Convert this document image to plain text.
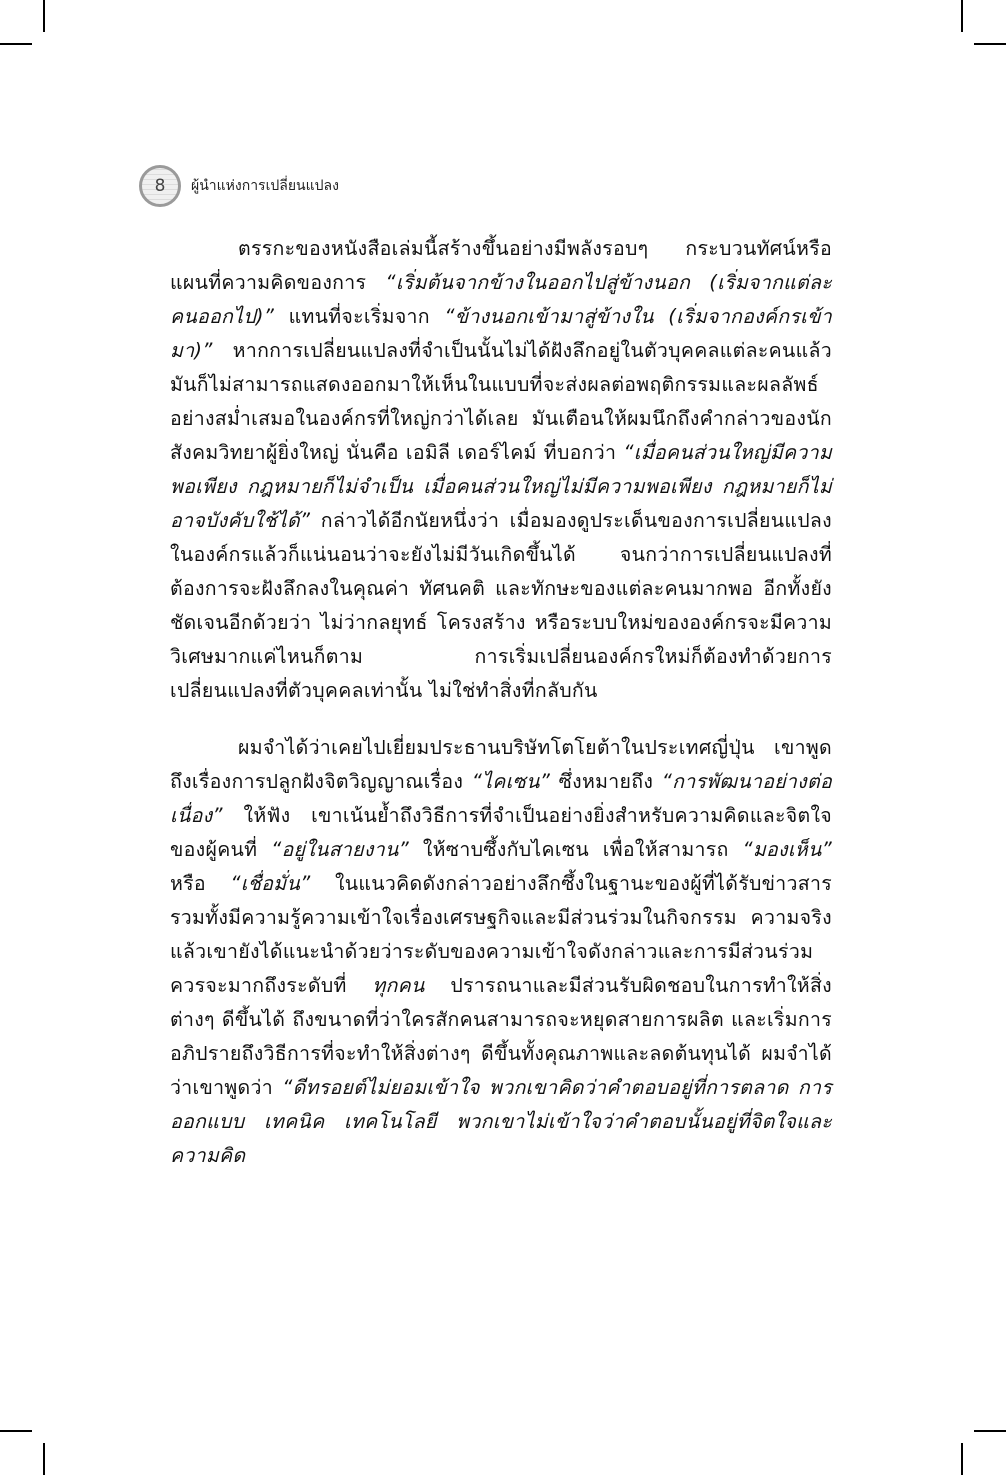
8 ผู้นำแห่งการเปลี่ยนแปลง

ตรรกะของหนังสือเล่มนี้สร้างขึ้นอย่างมีพลังรอบๆ กระบวนทัศน์หรือแผนที่ความคิดของการ “เริ่มต้นจากข้างในออกไปสู่ข้างนอก (เริ่มจากแต่ละคนออกไป)” แทนที่จะเริ่มจาก “ข้างนอกเข้ามาสู่ข้างใน (เริ่มจากองค์กรเข้ามา)” หากการเปลี่ยนแปลงที่จำเป็นนั้นไม่ได้ฝังลึกอยู่ในตัวบุคคลแต่ละคนแล้ว มันก็ไม่สามารถแสดงออกมาให้เห็นในแบบที่จะส่งผลต่อพฤติกรรมและผลลัพธ์อย่างสม่ำเสมอในองค์กรที่ใหญ่กว่าได้เลย มันเตือนให้ผมนึกถึงคำกล่าวของนักสังคมวิทยาผู้ยิ่งใหญ่ นั่นคือ เอมิลี เดอร์ไคม์ ที่บอกว่า “เมื่อคนส่วนใหญ่มีความพอเพียง กฎหมายก็ไม่จำเป็น เมื่อคนส่วนใหญ่ไม่มีความพอเพียง กฎหมายก็ไม่อาจบังคับใช้ได้” กล่าวได้อีกนัยหนึ่งว่า เมื่อมองดูประเด็นของการเปลี่ยนแปลงในองค์กรแล้วก็แน่นอนว่าจะยังไม่มีวันเกิดขึ้นได้ จนกว่าการเปลี่ยนแปลงที่ต้องการจะฝังลึกลงในคุณค่า ทัศนคติ และทักษะของแต่ละคนมากพอ อีกทั้งยังชัดเจนอีกด้วยว่า ไม่ว่ากลยุทธ์ โครงสร้าง หรือระบบใหม่ขององค์กรจะมีความวิเศษมากแค่ไหนก็ตาม การเริ่มเปลี่ยนองค์กรใหม่ก็ต้องทำด้วยการเปลี่ยนแปลงที่ตัวบุคคลเท่านั้น ไม่ใช่ทำสิ่งที่กลับกัน

ผมจำได้ว่าเคยไปเยี่ยมประธานบริษัทโตโยต้าในประเทศญี่ปุ่น เขาพูดถึงเรื่องการปลูกฝังจิตวิญญาณเรื่อง “ไคเซน” ซึ่งหมายถึง “การพัฒนาอย่างต่อเนื่อง” ให้ฟัง เขาเน้นย้ำถึงวิธีการที่จำเป็นอย่างยิ่งสำหรับความคิดและจิตใจของผู้คนที่ “อยู่ในสายงาน” ให้ซาบซึ้งกับไคเซน เพื่อให้สามารถ “มองเห็น” หรือ “เชื่อมั่น” ในแนวคิดดังกล่าวอย่างลึกซึ้งในฐานะของผู้ที่ได้รับข่าวสาร รวมทั้งมีความรู้ความเข้าใจเรื่องเศรษฐกิจและมีส่วนร่วมในกิจกรรม ความจริงแล้วเขายังได้แนะนำด้วยว่าระดับของความเข้าใจดังกล่าวและการมีส่วนร่วมควรจะมากถึงระดับที่ ทุกคน ปรารถนาและมีส่วนรับผิดชอบในการทำให้สิ่งต่างๆ ดีขึ้นได้ ถึงขนาดที่ว่าใครสักคนสามารถจะหยุดสายการผลิต และเริ่มการอภิปรายถึงวิธีการที่จะทำให้สิ่งต่างๆ ดีขึ้นทั้งคุณภาพและลดต้นทุนได้ ผมจำได้ว่าเขาพูดว่า “ดีทรอยต์ไม่ยอมเข้าใจ พวกเขาคิดว่าคำตอบอยู่ที่การตลาด การออกแบบ เทคนิค เทคโนโลยี พวกเขาไม่เข้าใจว่าคำตอบนั้นอยู่ที่จิตใจและความคิด
